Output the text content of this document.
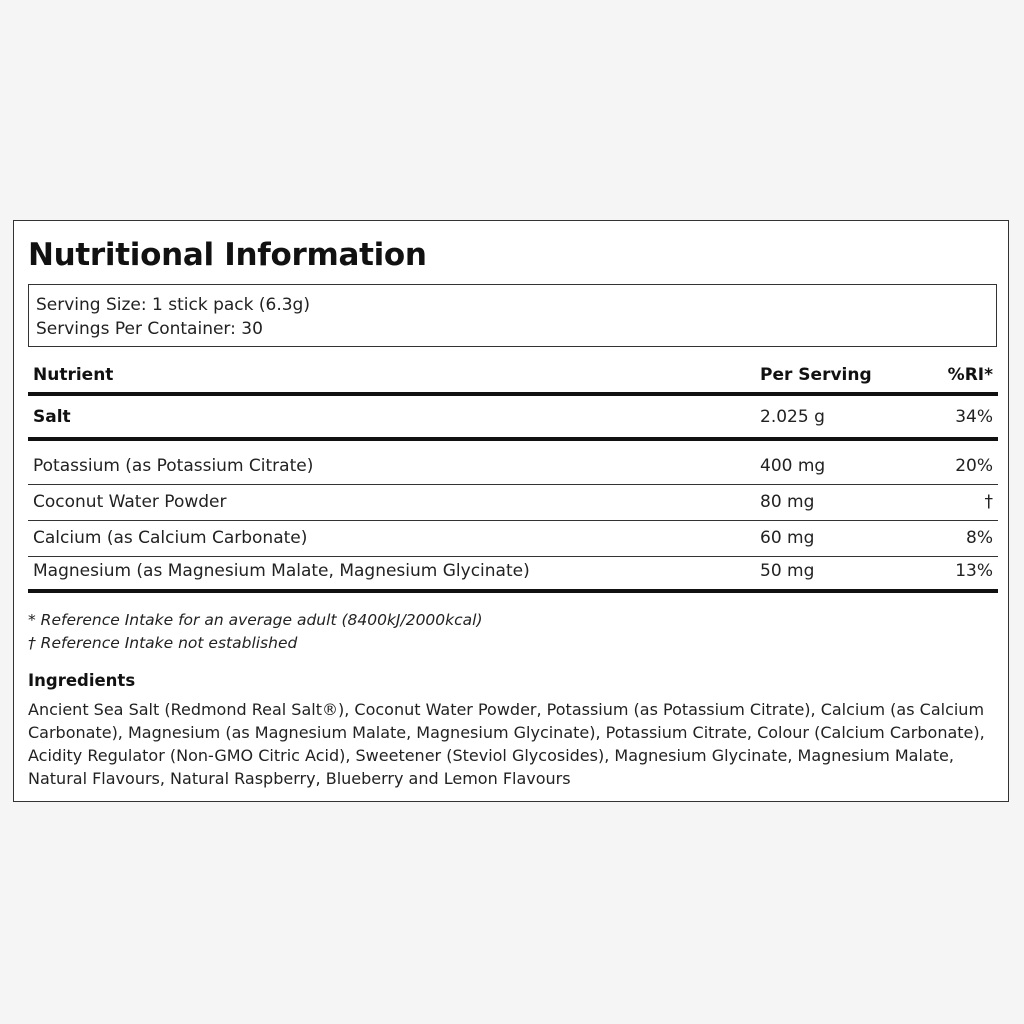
Nutritional Information
Serving Size: 1 stick pack (6.3g)
Servings Per Container: 30
Nutrient	Per Serving	%RI*
Salt	2.025 g	34%
Potassium (as Potassium Citrate)	400 mg	20%
Coconut Water Powder	80 mg	†
Calcium (as Calcium Carbonate)	60 mg	8%
Magnesium (as Magnesium Malate, Magnesium Glycinate)	50 mg	13%
* Reference Intake for an average adult (8400kJ/2000kcal)
† Reference Intake not established
Ingredients
Ancient Sea Salt (Redmond Real Salt®), Coconut Water Powder, Potassium (as Potassium Citrate), Calcium (as Calcium Carbonate), Magnesium (as Magnesium Malate, Magnesium Glycinate), Potassium Citrate, Colour (Calcium Carbonate), Acidity Regulator (Non-GMO Citric Acid), Sweetener (Steviol Glycosides), Magnesium Glycinate, Magnesium Malate, Natural Flavours, Natural Raspberry, Blueberry and Lemon Flavours
